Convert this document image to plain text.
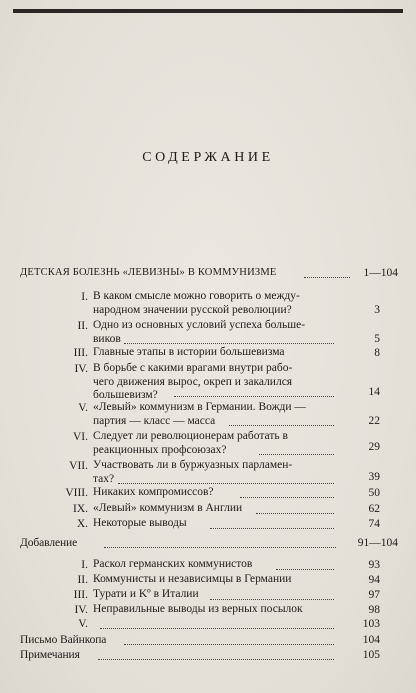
СОДЕРЖАНИЕ
ДЕТСКАЯ БОЛЕЗНЬ «ЛЕВИЗНЫ» В КОММУНИЗМЕ	1—104
I. В каком смысле можно говорить о между-
народном значении русской революции?	3
II. Одно из основных условий успеха больше-
виков	5
III. Главные этапы в истории большевизма	8
IV. В борьбе с какими врагами внутри рабо-
чего движения вырос, окреп и закалился
большевизм?	14
V. «Левый» коммунизм в Германии. Вожди —
партия — класс — масса	22
VI. Следует ли революционерам работать в
реакционных профсоюзах?	29
VII. Участвовать ли в буржуазных парламен-
тах?	39
VIII. Никаких компромиссов?	50
IX. «Левый» коммунизм в Англии	62
X. Некоторые выводы	74
Добавление	91—104
I. Раскол германских коммунистов	93
II. Коммунисты и независимцы в Германии	94
III. Турати и Kº в Италии	97
IV. Неправильные выводы из верных посылок	98
V.	103
Письмо Вайнкопа	104
Примечания	105
